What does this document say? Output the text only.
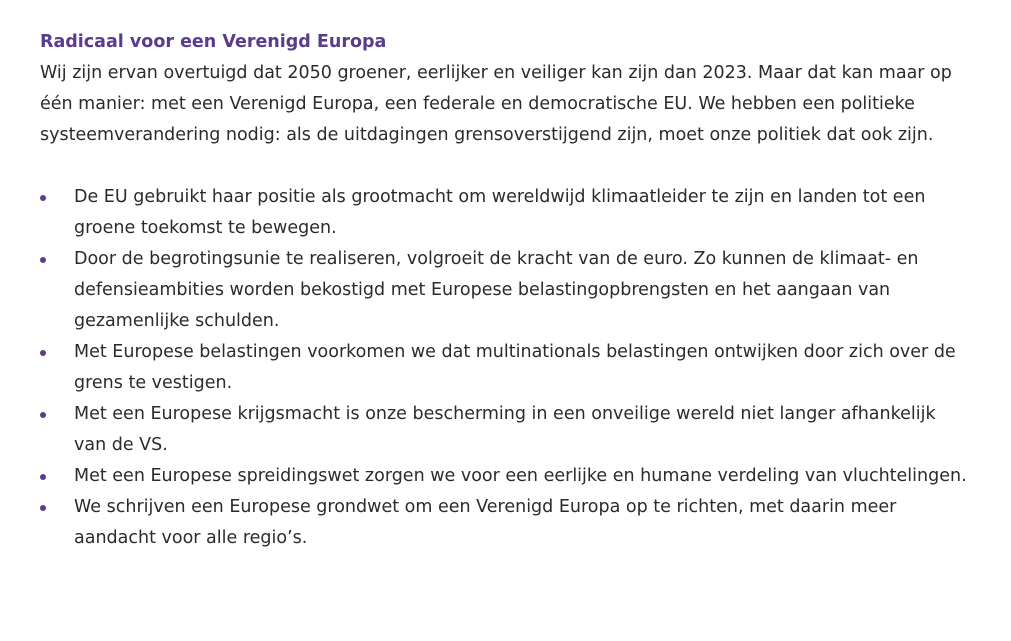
Radicaal voor een Verenigd Europa

Wij zijn ervan overtuigd dat 2050 groener, eerlijker en veiliger kan zijn dan 2023. Maar dat kan maar op één manier: met een Verenigd Europa, een federale en democratische EU. We hebben een politieke systeemverandering nodig: als de uitdagingen grensoverstijgend zijn, moet onze politiek dat ook zijn.

De EU gebruikt haar positie als grootmacht om wereldwijd klimaatleider te zijn en landen tot een groene toekomst te bewegen.
Door de begrotingsunie te realiseren, volgroeit de kracht van de euro. Zo kunnen de klimaat- en defensieambities worden bekostigd met Europese belastingopbrengsten en het aangaan van gezamenlijke schulden.
Met Europese belastingen voorkomen we dat multinationals belastingen ontwijken door zich over de grens te vestigen.
Met een Europese krijgsmacht is onze bescherming in een onveilige wereld niet langer afhankelijk van de VS.
Met een Europese spreidingswet zorgen we voor een eerlijke en humane verdeling van vluchtelingen.
We schrijven een Europese grondwet om een Verenigd Europa op te richten, met daarin meer aandacht voor alle regio’s.
